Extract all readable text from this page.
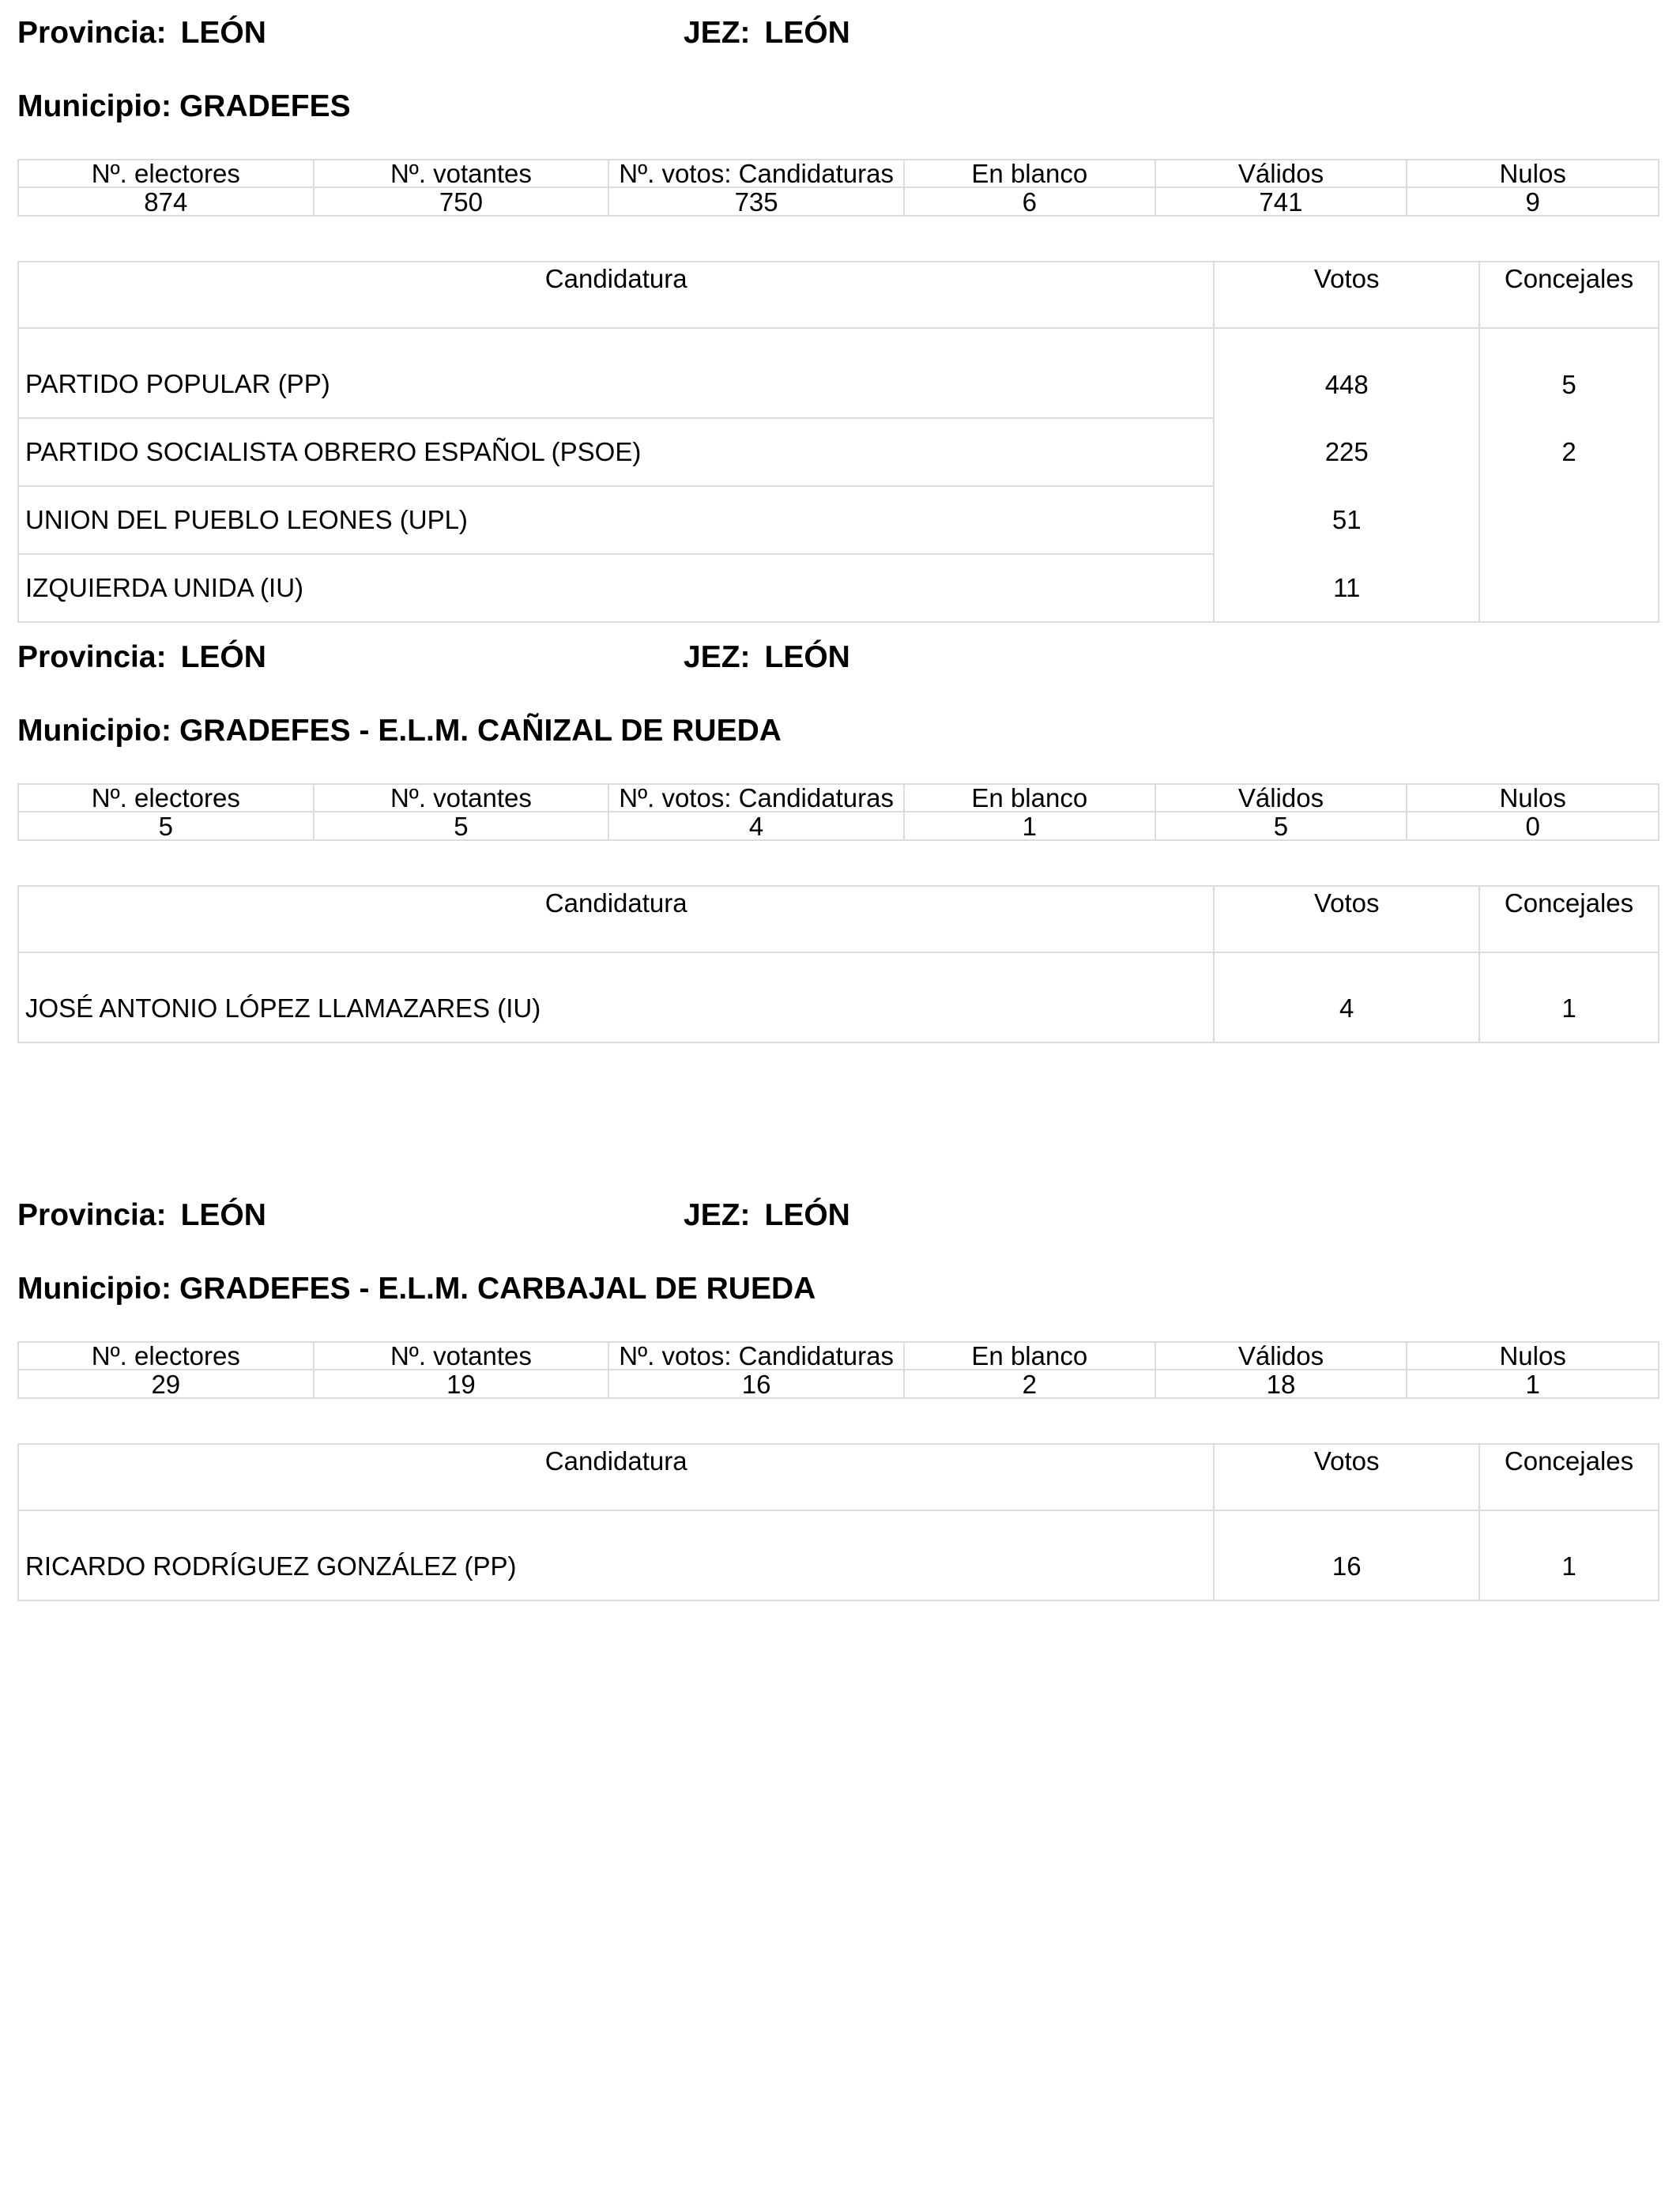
Provincia: LEÓN	JEZ: LEÓN
Municipio: GRADEFES
Nº. electores	Nº. votantes	Nº. votos: Candidaturas	En blanco	Válidos	Nulos
874	750	735	6	741	9
Candidatura	Votos	Concejales
PARTIDO POPULAR (PP)	448	5
PARTIDO SOCIALISTA OBRERO ESPAÑOL (PSOE)	225	2
UNION DEL PUEBLO LEONES (UPL)	51	
IZQUIERDA UNIDA (IU)	11	
Provincia: LEÓN	JEZ: LEÓN
Municipio: GRADEFES - E.L.M. CAÑIZAL DE RUEDA
Nº. electores	Nº. votantes	Nº. votos: Candidaturas	En blanco	Válidos	Nulos
5	5	4	1	5	0
Candidatura	Votos	Concejales
JOSÉ ANTONIO LÓPEZ LLAMAZARES (IU)	4	1
Provincia: LEÓN	JEZ: LEÓN
Municipio: GRADEFES - E.L.M. CARBAJAL DE RUEDA
Nº. electores	Nº. votantes	Nº. votos: Candidaturas	En blanco	Válidos	Nulos
29	19	16	2	18	1
Candidatura	Votos	Concejales
RICARDO RODRÍGUEZ GONZÁLEZ (PP)	16	1
